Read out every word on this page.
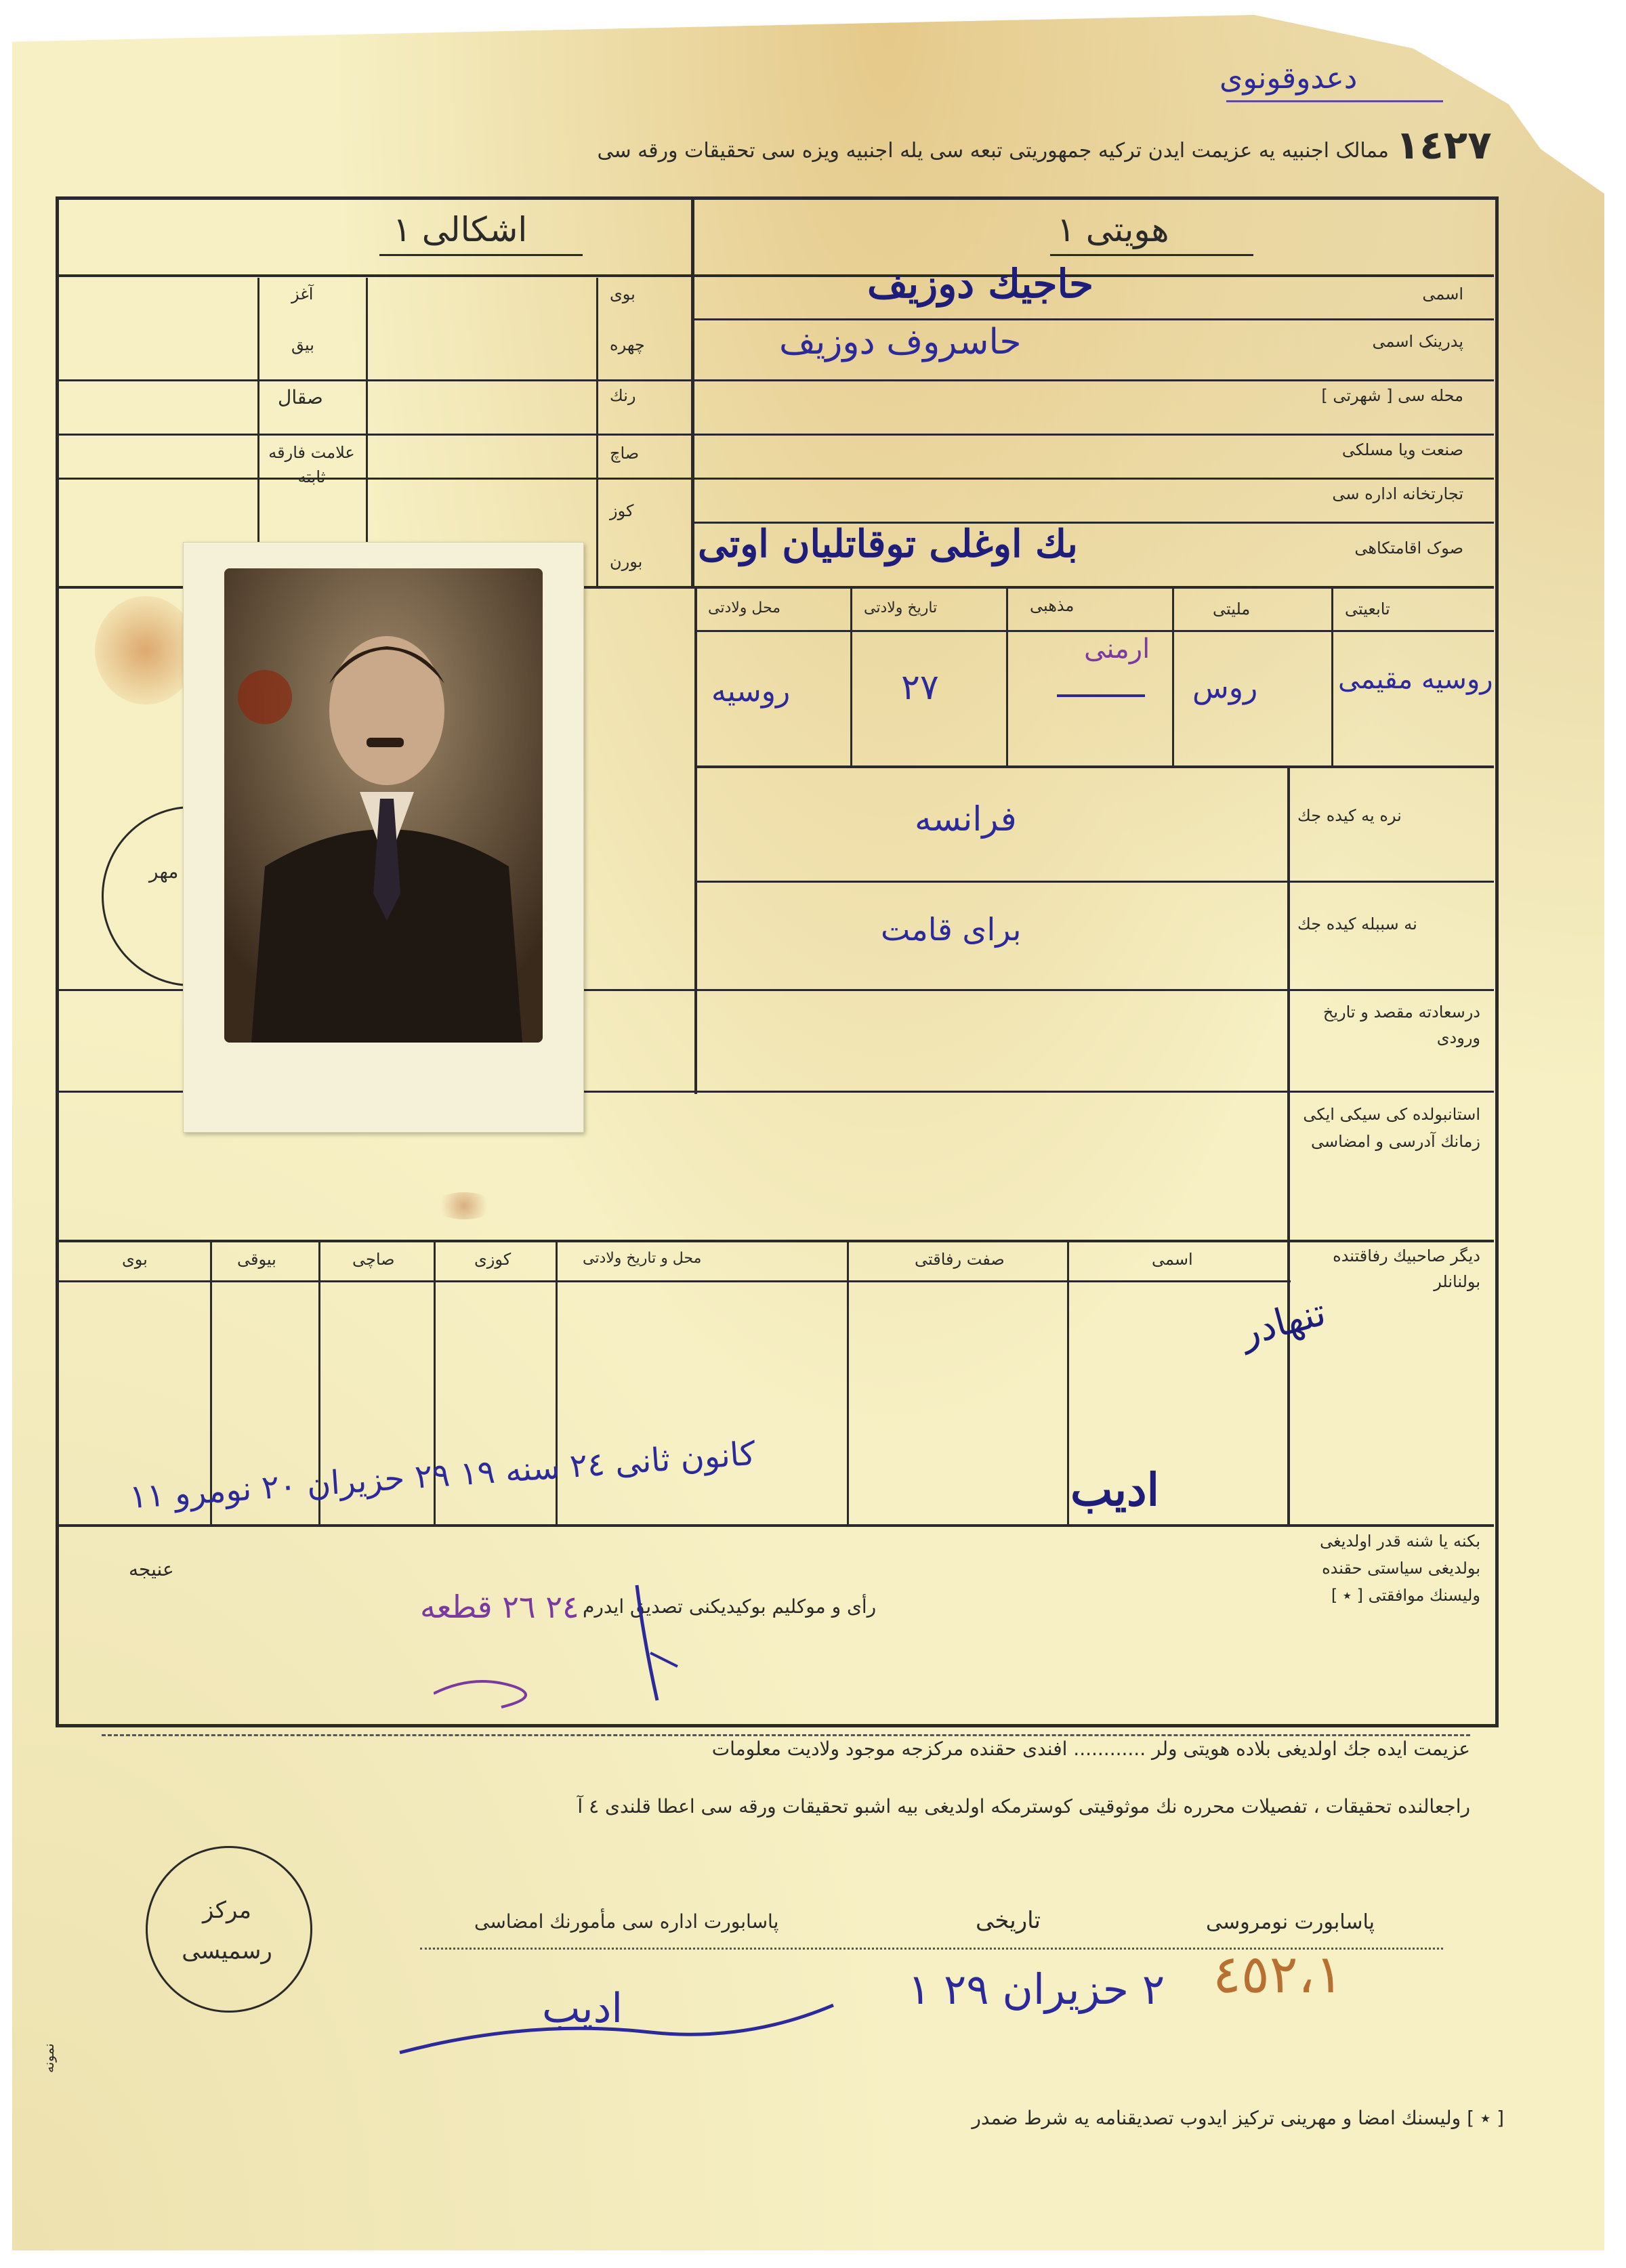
دعدوقونوی
ممالک اجنبیه یه عزیمت ایدن ترکیه جمهوریتی تبعه سی یله اجنبیه ویزه سی تحقیقات ورقه سی ۱٤٢٧
هویتی ۱
اشکالی ۱
اسمی
حاجیك دوزیف
پدرینک اسمی
حاسروف دوزیف
محله سی [ شهرتی ]
صنعت ویا مسلکی
تجارتخانه اداره سی
صوک اقامتکاهی
بك اوغلی توقاتلیان اوتی
بوی
آغز
چهره
بیق
رنك
صقال
صاچ
علامت فارقه ثابته
کوز
بورن
تابعیتی
ملیتی
مذهبی
تاریخ ولادتی
محل ولادتی
روسیه مقیمی
روس
ارمنی
٢٧
روسیه
نره یه کیده جك
فرانسه
نه سببله کیده جك
برای قامت
درسعادته مقصد و تاریخ ورودی
استانبولده کی سیکی ایکی زمانك آدرسی و امضاسی
دیگر صاحبیك رفاقتنده بولنانلر
اسمی
صفت رفاقتی
محل و تاریخ ولادتی
کوزی
صاچی
بیوقی
بوی
تنهادر
بکنه یا شنه قدر اولدیغی بولدیغی سیاستی حقنده ولیسنك موافقتی [ ٭ ]
کانون ثانی ٢٤ سنه ١٩ ٢٩ حزیران ٢٠ نومرو ١١
ادیب
رأی و موکلیم بوکیدیکنی تصدیق ایدرم
٢٤ ٢٦ قطعه
عنیجه
عزیمت ایده جك اولدیغی بلاده هویتی ولر ............ افندی حقنده مرکزجه موجود ولادیت معلومات
راجعالنده تحقیقات ، تفصیلات محرره نك موثوقیتی کوسترمکه اولدیغی بیه اشبو تحقیقات ورقه سی اعطا قلندی ٤ آ
مركز رسمیسی
پاسابورت نومروسی
تاریخی
پاسابورت اداره سی مأمورنك امضاسی
۱،٤٥٢
٢ حزیران ٢٩ ١
ادیب
[ ٭ ] ولیسنك امضا و مهرینی ترکیز ایدوب تصدیقنامه یه شرط ضمدر
نمونه
مهر
